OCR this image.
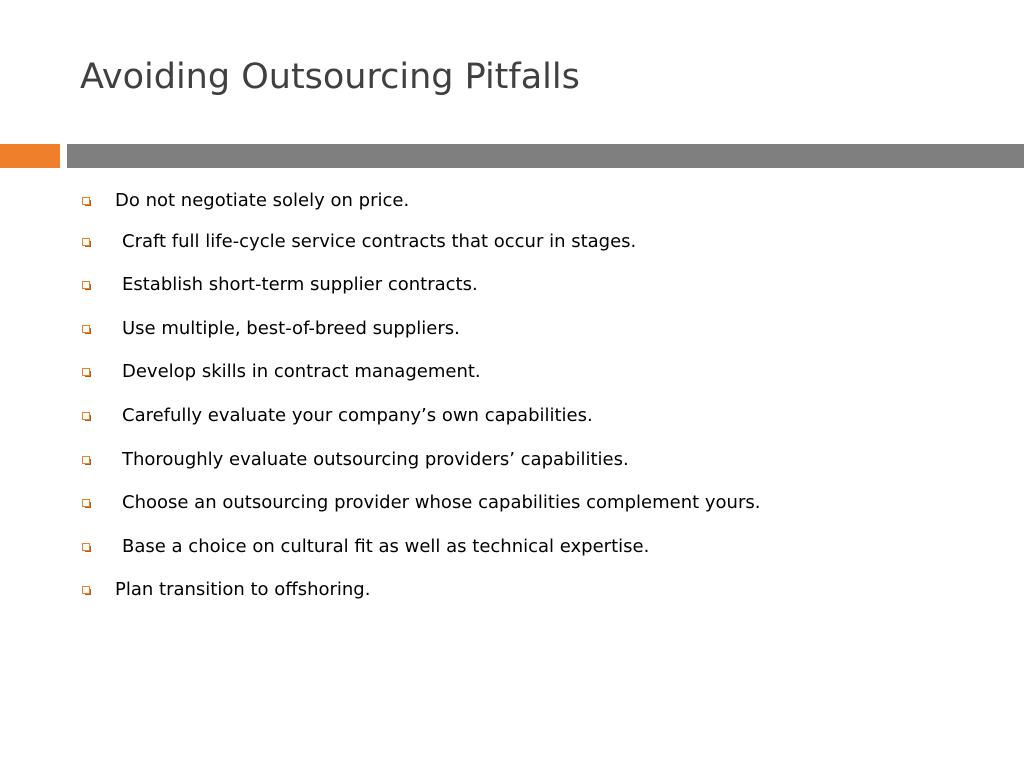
Avoiding Outsourcing Pitfalls
Do not negotiate solely on price.
Craft full life-cycle service contracts that occur in stages.
Establish short-term supplier contracts.
Use multiple, best-of-breed suppliers.
Develop skills in contract management.
Carefully evaluate your company’s own capabilities.
Thoroughly evaluate outsourcing providers’ capabilities.
Choose an outsourcing provider whose capabilities complement yours.
Base a choice on cultural fit as well as technical expertise.
Plan transition to offshoring.
